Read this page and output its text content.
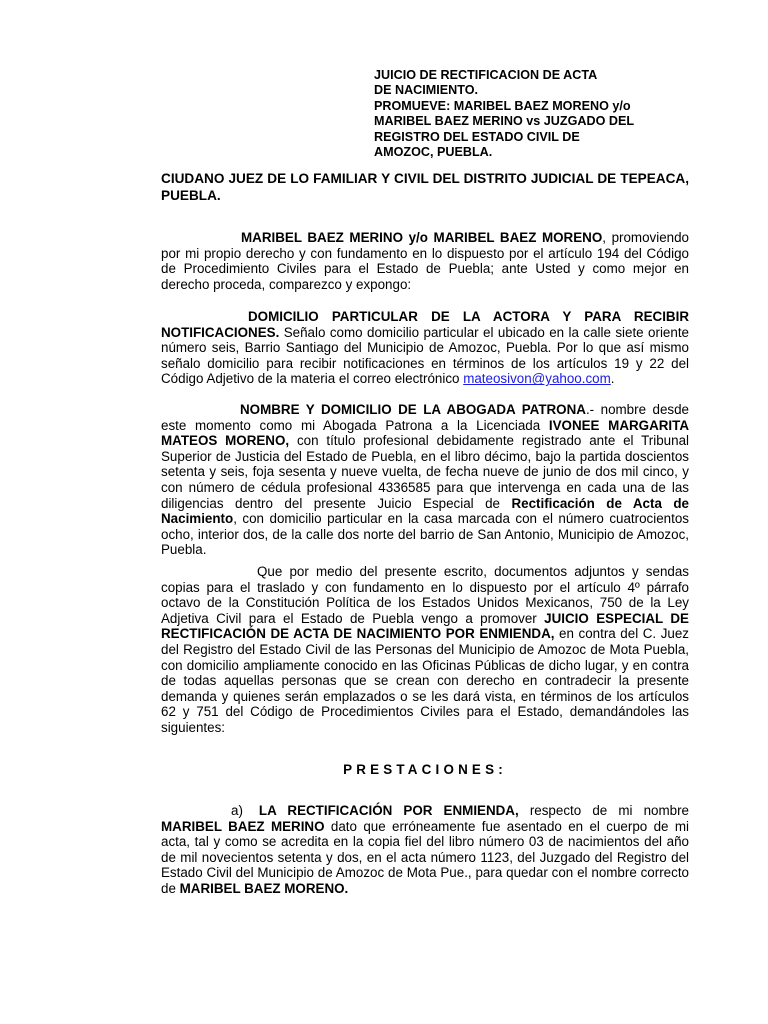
JUICIO DE RECTIFICACION DE ACTA
DE NACIMIENTO.
PROMUEVE: MARIBEL BAEZ MORENO y/o
MARIBEL BAEZ MERINO vs JUZGADO DEL
REGISTRO DEL ESTADO CIVIL DE
AMOZOC, PUEBLA.
CIUDANO JUEZ DE LO FAMILIAR Y CIVIL DEL DISTRITO JUDICIAL DE TEPEACA, PUEBLA.
MARIBEL BAEZ MERINO y/o MARIBEL BAEZ MORENO, promoviendo por mi propio derecho y con fundamento en lo dispuesto por el artículo 194 del Código de Procedimiento Civiles para el Estado de Puebla; ante Usted y como mejor en derecho proceda, comparezco y expongo:
DOMICILIO PARTICULAR DE LA ACTORA Y PARA RECIBIR NOTIFICACIONES. Señalo como domicilio particular el ubicado en la calle siete oriente número seis, Barrio Santiago del Municipio de Amozoc, Puebla. Por lo que así mismo señalo domicilio para recibir notificaciones en términos de los artículos 19 y 22 del Código Adjetivo de la materia el correo electrónico mateosivon@yahoo.com.
NOMBRE Y DOMICILIO DE LA ABOGADA PATRONA.- nombre desde este momento como mi Abogada Patrona a la Licenciada IVONEE MARGARITA MATEOS MORENO, con título profesional debidamente registrado ante el Tribunal Superior de Justicia del Estado de Puebla, en el libro décimo, bajo la partida doscientos setenta y seis, foja sesenta y nueve vuelta, de fecha nueve de junio de dos mil cinco, y con número de cédula profesional 4336585 para que intervenga en cada una de las diligencias dentro del presente Juicio Especial de Rectificación de Acta de Nacimiento, con domicilio particular en la casa marcada con el número cuatrocientos ocho, interior dos, de la calle dos norte del barrio de San Antonio, Municipio de Amozoc, Puebla.
Que por medio del presente escrito, documentos adjuntos y sendas copias para el traslado y con fundamento en lo dispuesto por el artículo 4º párrafo octavo de la Constitución Política de los Estados Unidos Mexicanos, 750 de la Ley Adjetiva Civil para el Estado de Puebla vengo a promover JUICIO ESPECIAL DE RECTIFICACIÓN DE ACTA DE NACIMIENTO POR ENMIENDA, en contra del C. Juez del Registro del Estado Civil de las Personas del Municipio de Amozoc de Mota Puebla, con domicilio ampliamente conocido en las Oficinas Públicas de dicho lugar, y en contra de todas aquellas personas que se crean con derecho en contradecir la presente demanda y quienes serán emplazados o se les dará vista, en términos de los artículos 62 y 751 del Código de Procedimientos Civiles para el Estado, demandándoles las siguientes:
PRESTACIONES:
a) LA RECTIFICACIÓN POR ENMIENDA, respecto de mi nombre MARIBEL BAEZ MERINO dato que erróneamente fue asentado en el cuerpo de mi acta, tal y como se acredita en la copia fiel del libro número 03 de nacimientos del año de mil novecientos setenta y dos, en el acta número 1123, del Juzgado del Registro del Estado Civil del Municipio de Amozoc de Mota Pue., para quedar con el nombre correcto de MARIBEL BAEZ MORENO.
